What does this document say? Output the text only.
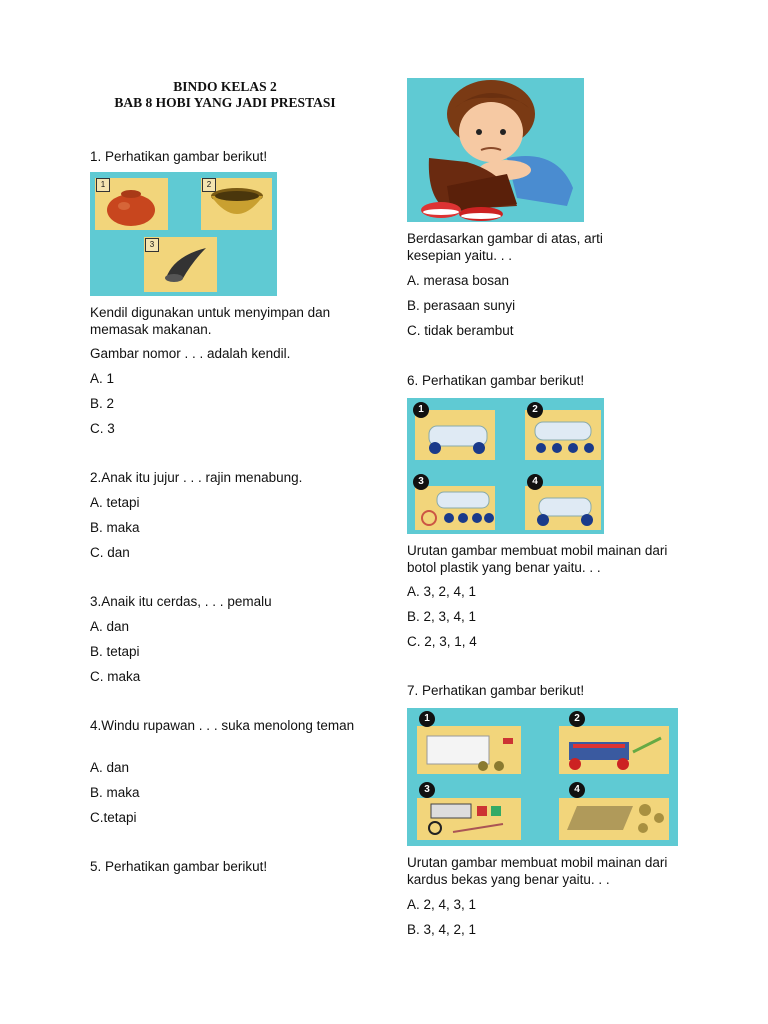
BINDO KELAS 2
BAB 8 HOBI YANG JADI PRESTASI
1. Perhatikan gambar berikut!
1	2
3
Kendil digunakan untuk menyimpan dan memasak makanan.
Gambar nomor . . . adalah kendil.
A. 1
B. 2
C. 3
2.Anak itu jujur . . . rajin menabung.
A. tetapi
B. maka
C. dan
3.Anaik itu cerdas, . . . pemalu
A. dan
B. tetapi
C. maka
4.Windu rupawan . . . suka menolong teman
A. dan
B. maka
C.tetapi
5. Perhatikan gambar berikut!
Berdasarkan gambar di atas, arti kesepian yaitu. . .
A. merasa bosan
B. perasaan sunyi
C. tidak berambut
6. Perhatikan gambar berikut!
1	2
3	4
Urutan gambar membuat mobil mainan dari botol plastik yang benar yaitu. . .
A. 3, 2, 4, 1
B. 2, 3, 4, 1
C. 2, 3, 1, 4
7. Perhatikan gambar berikut!
1	2
3	4
Urutan gambar membuat mobil mainan dari kardus bekas yang benar yaitu. . .
A. 2, 4, 3, 1
B. 3, 4, 2, 1
